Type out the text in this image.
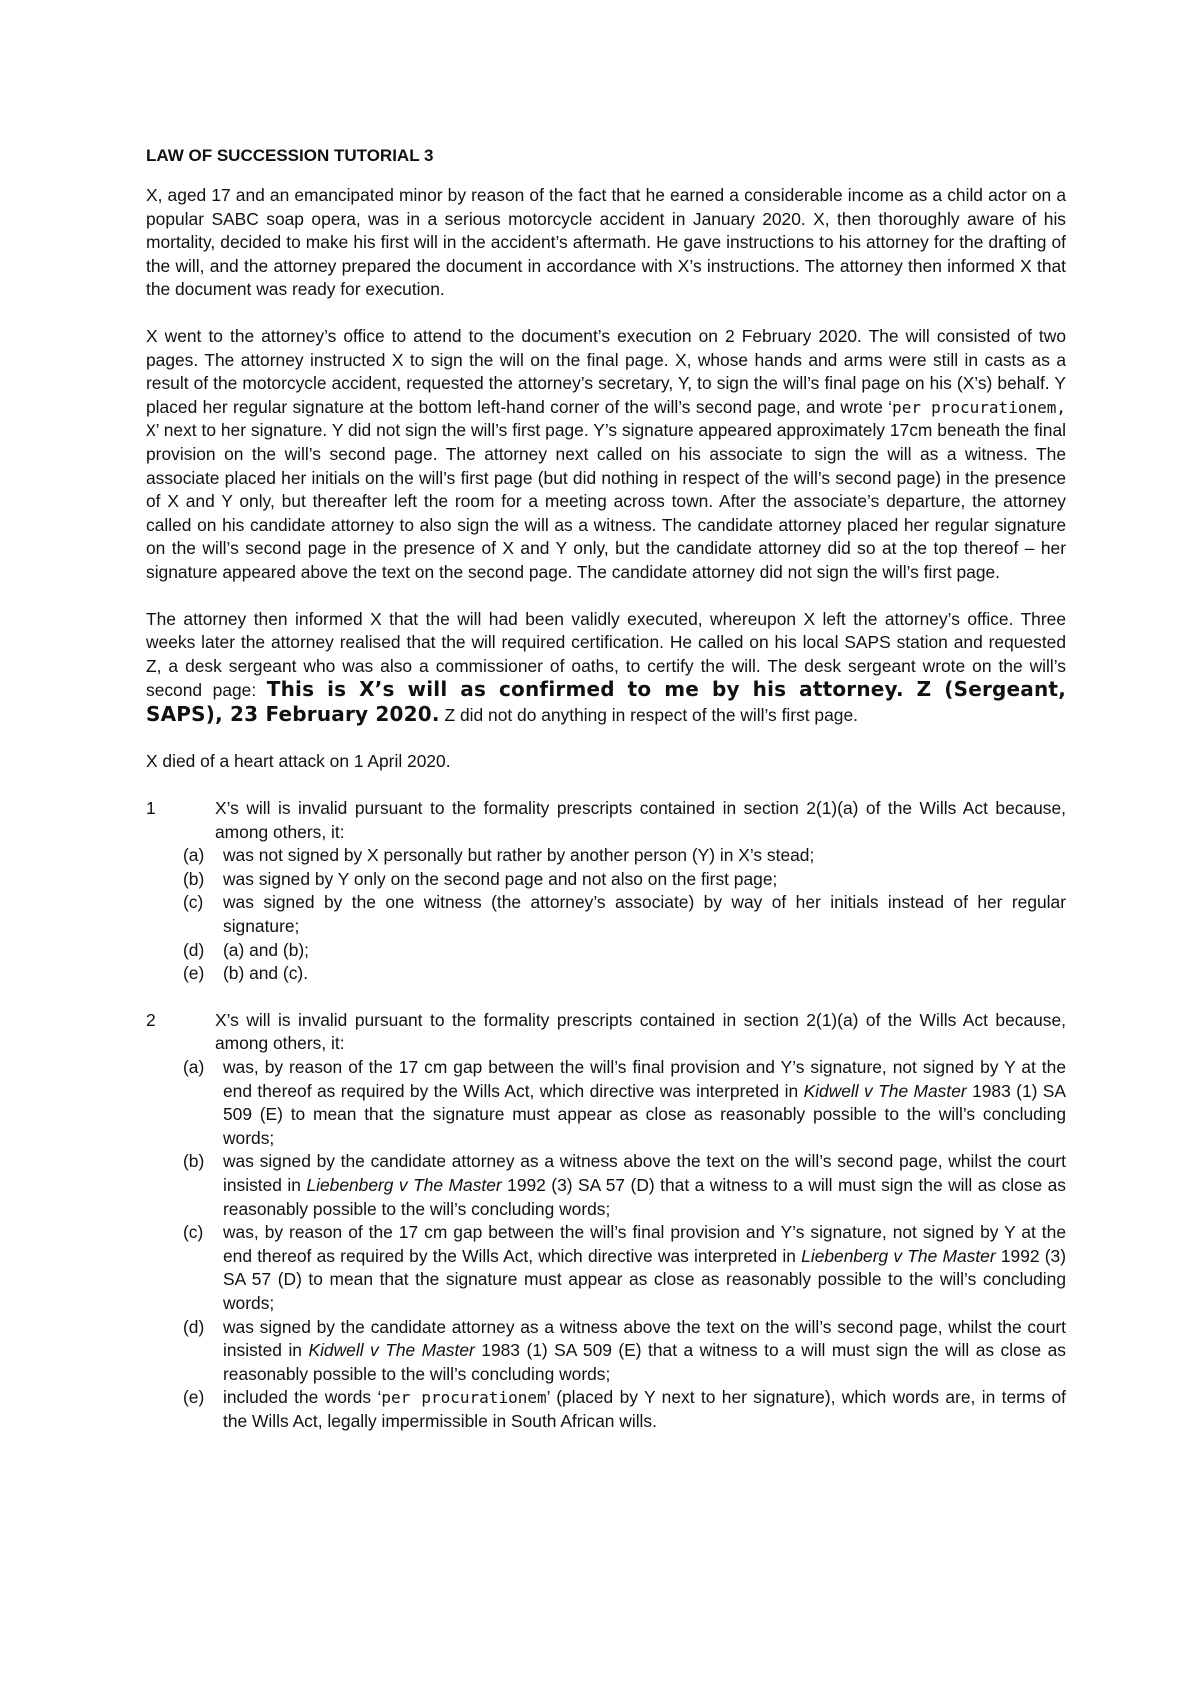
LAW OF SUCCESSION TUTORIAL 3
X, aged 17 and an emancipated minor by reason of the fact that he earned a considerable income as a child actor on a popular SABC soap opera, was in a serious motorcycle accident in January 2020. X, then thoroughly aware of his mortality, decided to make his first will in the accident’s aftermath. He gave instructions to his attorney for the drafting of the will, and the attorney prepared the document in accordance with X’s instructions. The attorney then informed X that the document was ready for execution.
X went to the attorney’s office to attend to the document’s execution on 2 February 2020. The will consisted of two pages. The attorney instructed X to sign the will on the final page. X, whose hands and arms were still in casts as a result of the motorcycle accident, requested the attorney’s secretary, Y, to sign the will’s final page on his (X’s) behalf. Y placed her regular signature at the bottom left-hand corner of the will’s second page, and wrote ‘per procurationem, X’ next to her signature. Y did not sign the will’s first page. Y’s signature appeared approximately 17cm beneath the final provision on the will’s second page. The attorney next called on his associate to sign the will as a witness. The associate placed her initials on the will’s first page (but did nothing in respect of the will’s second page) in the presence of X and Y only, but thereafter left the room for a meeting across town. After the associate’s departure, the attorney called on his candidate attorney to also sign the will as a witness. The candidate attorney placed her regular signature on the will’s second page in the presence of X and Y only, but the candidate attorney did so at the top thereof – her signature appeared above the text on the second page. The candidate attorney did not sign the will’s first page.
The attorney then informed X that the will had been validly executed, whereupon X left the attorney’s office. Three weeks later the attorney realised that the will required certification. He called on his local SAPS station and requested Z, a desk sergeant who was also a commissioner of oaths, to certify the will. The desk sergeant wrote on the will’s second page: This is X’s will as confirmed to me by his attorney. Z (Sergeant, SAPS), 23 February 2020. Z did not do anything in respect of the will’s first page.
X died of a heart attack on 1 April 2020.
1	X’s will is invalid pursuant to the formality prescripts contained in section 2(1)(a) of the Wills Act because, among others, it:
(a)	was not signed by X personally but rather by another person (Y) in X’s stead;
(b)	was signed by Y only on the second page and not also on the first page;
(c)	was signed by the one witness (the attorney’s associate) by way of her initials instead of her regular signature;
(d)	(a) and (b);
(e)	(b) and (c).
2	X’s will is invalid pursuant to the formality prescripts contained in section 2(1)(a) of the Wills Act because, among others, it:
(a)	was, by reason of the 17 cm gap between the will’s final provision and Y’s signature, not signed by Y at the end thereof as required by the Wills Act, which directive was interpreted in Kidwell v The Master 1983 (1) SA 509 (E) to mean that the signature must appear as close as reasonably possible to the will’s concluding words;
(b)	was signed by the candidate attorney as a witness above the text on the will’s second page, whilst the court insisted in Liebenberg v The Master 1992 (3) SA 57 (D) that a witness to a will must sign the will as close as reasonably possible to the will’s concluding words;
(c)	was, by reason of the 17 cm gap between the will’s final provision and Y’s signature, not signed by Y at the end thereof as required by the Wills Act, which directive was interpreted in Liebenberg v The Master 1992 (3) SA 57 (D) to mean that the signature must appear as close as reasonably possible to the will’s concluding words;
(d)	was signed by the candidate attorney as a witness above the text on the will’s second page, whilst the court insisted in Kidwell v The Master 1983 (1) SA 509 (E) that a witness to a will must sign the will as close as reasonably possible to the will’s concluding words;
(e)	included the words ‘per procurationem’ (placed by Y next to her signature), which words are, in terms of the Wills Act, legally impermissible in South African wills.
